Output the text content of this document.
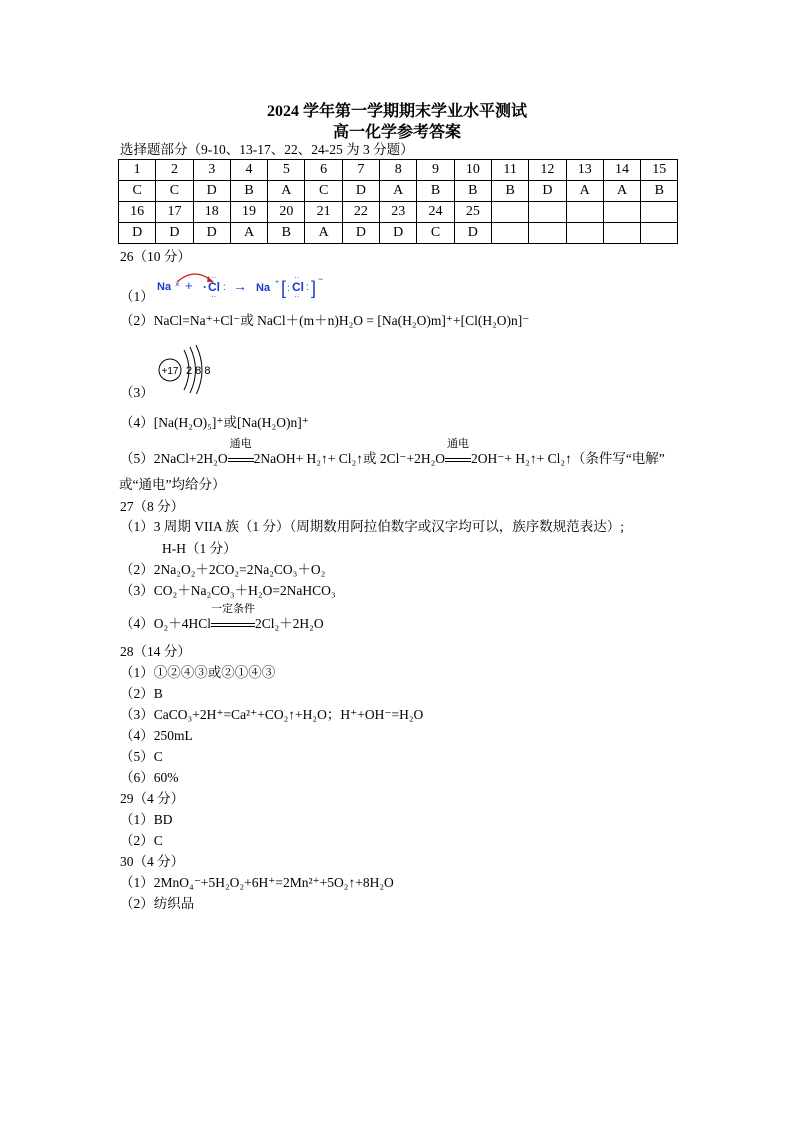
2024 学年第一学期期末学业水平测试
高一化学参考答案
选择题部分（9-10、13-17、22、24-25 为 3 分题）
1	2	3	4	5	6	7	8	9	10	11	12	13	14	15
C	C	D	B	A	C	D	A	B	B	B	D	A	A	B
16	17	18	19	20	21	22	23	24	25					
D	D	D	A	B	A	D	D	C	D					
26（10 分）
（1）
Na × + · Cl
··
··
: → Na + [ : Cl
··
··
: ] −
（2）NaCl=Na⁺+Cl⁻或 NaCl＋(m＋n)H₂O = [Na(H₂O)m]⁺+[Cl(H₂O)n]⁻
+17 2 8 8
（3）
（4）[Na(H₂O)₅]⁺或[Na(H₂O)n]⁺
（5）2NaCl+2H₂O
通电
2NaOH+ H₂↑+ Cl₂↑或 2Cl⁻+2H₂O
通电
2OH⁻+ H₂↑+ Cl₂↑（条件写“电解”
或“通电”均给分）
27（8 分）
（1）3 周期 VIIA 族（1 分）（周期数用阿拉伯数字或汉字均可以，族序数规范表达）;
H-H（1 分）
（2）2Na₂O₂＋2CO₂=2Na₂CO₃＋O₂
（3）CO₂＋Na₂CO₃＋H₂O=2NaHCO₃
（4）O₂＋4HCl
一定条件
2Cl₂＋2H₂O
28（14 分）
（1）①②④③或②①④③
（2）B
（3）CaCO₃+2H⁺=Ca²⁺+CO₂↑+H₂O；H⁺+OH⁻=H₂O
（4）250mL
（5）C
（6）60%
29（4 分）
（1）BD
（2）C
30（4 分）
（1）2MnO₄⁻+5H₂O₂+6H⁺=2Mn²⁺+5O₂↑+8H₂O
（2）纺织品
